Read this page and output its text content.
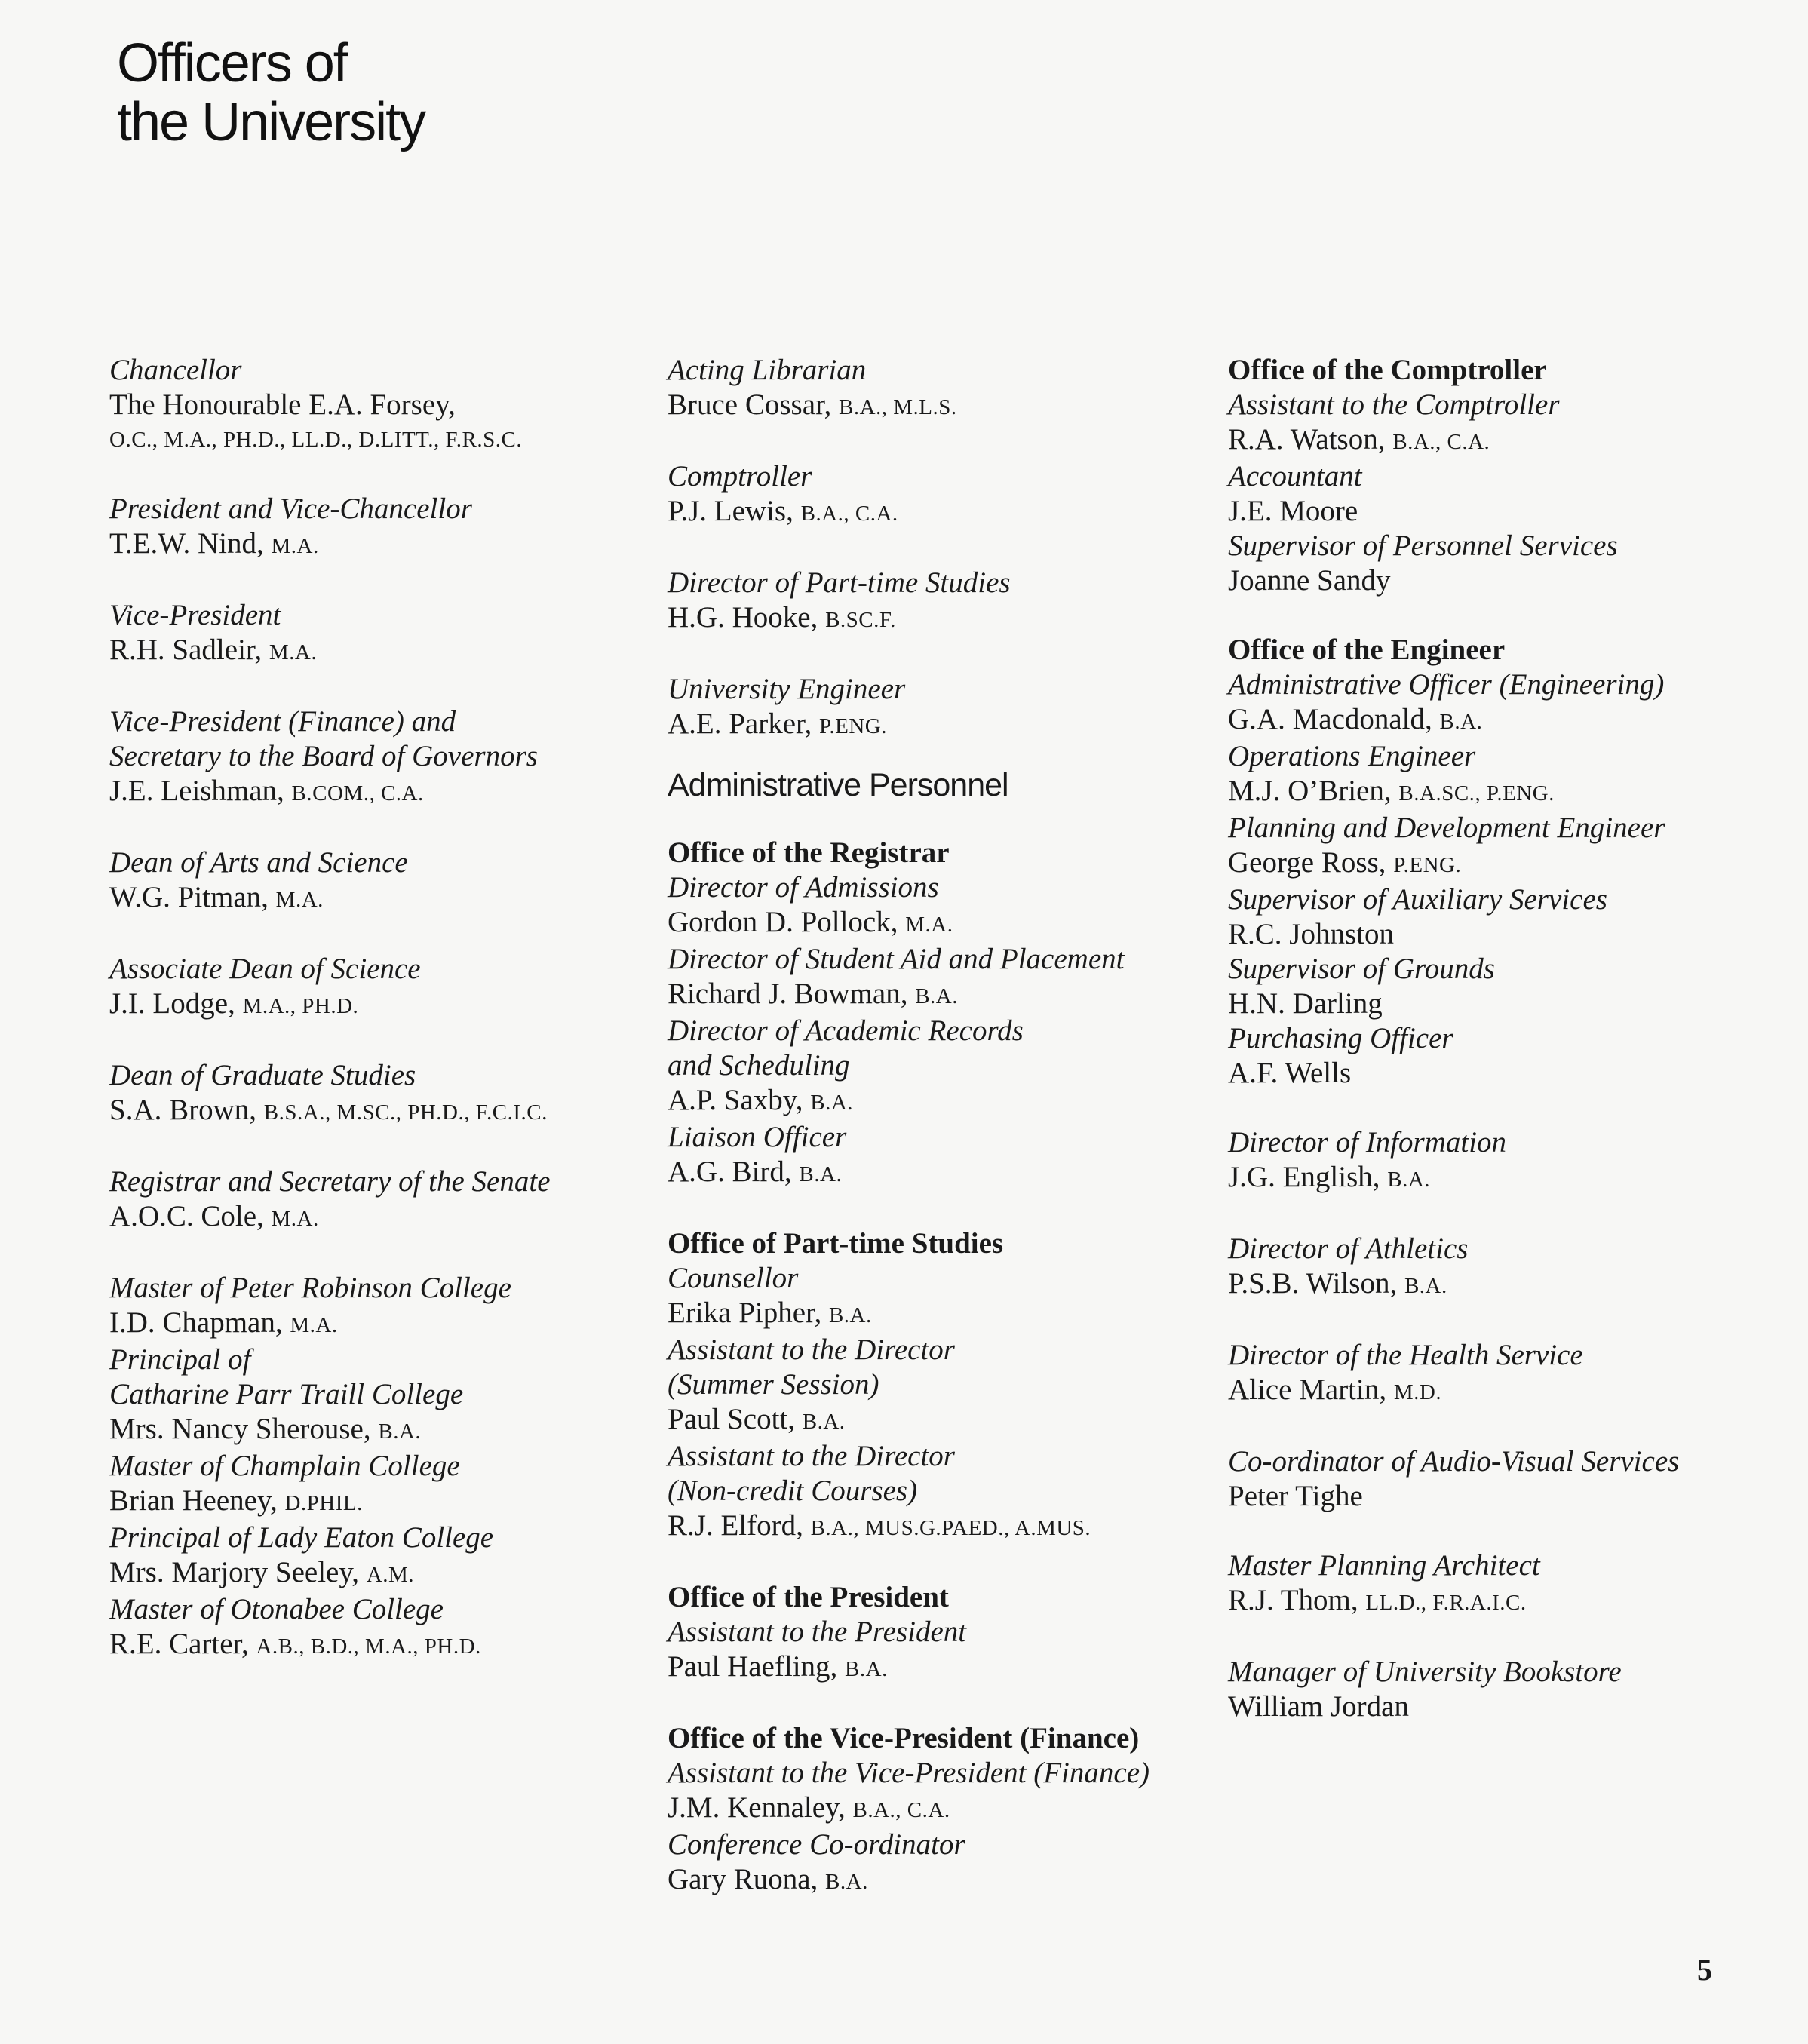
Officers of
the University
Chancellor
The Honourable E.A. Forsey,
O.C., M.A., PH.D., LL.D., D.LITT., F.R.S.C.
President and Vice-Chancellor
T.E.W. Nind, M.A.
Vice-President
R.H. Sadleir, M.A.
Vice-President (Finance) and
Secretary to the Board of Governors
J.E. Leishman, B.COM., C.A.
Dean of Arts and Science
W.G. Pitman, M.A.
Associate Dean of Science
J.I. Lodge, M.A., PH.D.
Dean of Graduate Studies
S.A. Brown, B.S.A., M.SC., PH.D., F.C.I.C.
Registrar and Secretary of the Senate
A.O.C. Cole, M.A.
Master of Peter Robinson College
I.D. Chapman, M.A.
Principal of
Catharine Parr Traill College
Mrs. Nancy Sherouse, B.A.
Master of Champlain College
Brian Heeney, D.PHIL.
Principal of Lady Eaton College
Mrs. Marjory Seeley, A.M.
Master of Otonabee College
R.E. Carter, A.B., B.D., M.A., PH.D.
Acting Librarian
Bruce Cossar, B.A., M.L.S.
Comptroller
P.J. Lewis, B.A., C.A.
Director of Part-time Studies
H.G. Hooke, B.SC.F.
University Engineer
A.E. Parker, P.ENG.
Administrative Personnel
Office of the Registrar
Director of Admissions
Gordon D. Pollock, M.A.
Director of Student Aid and Placement
Richard J. Bowman, B.A.
Director of Academic Records
and Scheduling
A.P. Saxby, B.A.
Liaison Officer
A.G. Bird, B.A.
Office of Part-time Studies
Counsellor
Erika Pipher, B.A.
Assistant to the Director
(Summer Session)
Paul Scott, B.A.
Assistant to the Director
(Non-credit Courses)
R.J. Elford, B.A., MUS.G.PAED., A.MUS.
Office of the President
Assistant to the President
Paul Haefling, B.A.
Office of the Vice-President (Finance)
Assistant to the Vice-President (Finance)
J.M. Kennaley, B.A., C.A.
Conference Co-ordinator
Gary Ruona, B.A.
Office of the Comptroller
Assistant to the Comptroller
R.A. Watson, B.A., C.A.
Accountant
J.E. Moore
Supervisor of Personnel Services
Joanne Sandy
Office of the Engineer
Administrative Officer (Engineering)
G.A. Macdonald, B.A.
Operations Engineer
M.J. O’Brien, B.A.SC., P.ENG.
Planning and Development Engineer
George Ross, P.ENG.
Supervisor of Auxiliary Services
R.C. Johnston
Supervisor of Grounds
H.N. Darling
Purchasing Officer
A.F. Wells
Director of Information
J.G. English, B.A.
Director of Athletics
P.S.B. Wilson, B.A.
Director of the Health Service
Alice Martin, M.D.
Co-ordinator of Audio-Visual Services
Peter Tighe
Master Planning Architect
R.J. Thom, LL.D., F.R.A.I.C.
Manager of University Bookstore
William Jordan
5
